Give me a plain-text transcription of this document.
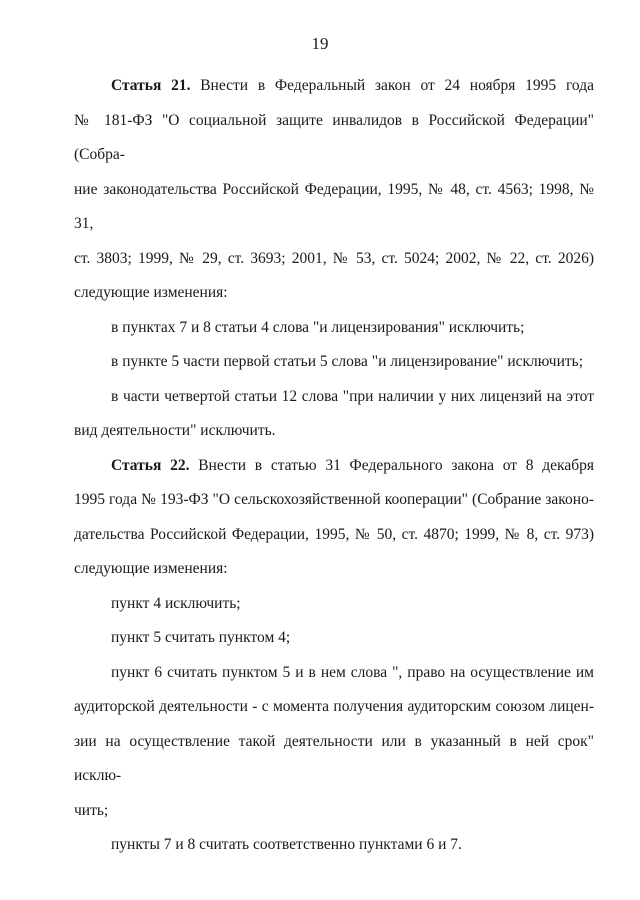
19

Статья 21. Внести в Федеральный закон от 24 ноября 1995 года

№ 181-ФЗ "О социальной защите инвалидов в Российской Федерации" (Собра-

ние законодательства Российской Федерации, 1995, № 48, ст. 4563; 1998, № 31,

ст. 3803; 1999, № 29, ст. 3693; 2001, № 53, ст. 5024; 2002, № 22, ст. 2026)

следующие изменения:

в пунктах 7 и 8 статьи 4 слова "и лицензирования" исключить;

в пункте 5 части первой статьи 5 слова "и лицензирование" исключить;

в части четвертой статьи 12 слова "при наличии у них лицензий на этот

вид деятельности" исключить.

Статья 22. Внести в статью 31 Федерального закона от 8 декабря

1995 года № 193-ФЗ "О сельскохозяйственной кооперации" (Собрание законо-

дательства Российской Федерации, 1995, № 50, ст. 4870; 1999, № 8, ст. 973)

следующие изменения:

пункт 4 исключить;

пункт 5 считать пунктом 4;

пункт 6 считать пунктом 5 и в нем слова ", право на осуществление им

аудиторской деятельности - с момента получения аудиторским союзом лицен-

зии на осуществление такой деятельности или в указанный в ней срок" исклю-

чить;

пункты 7 и 8 считать соответственно пунктами 6 и 7.
